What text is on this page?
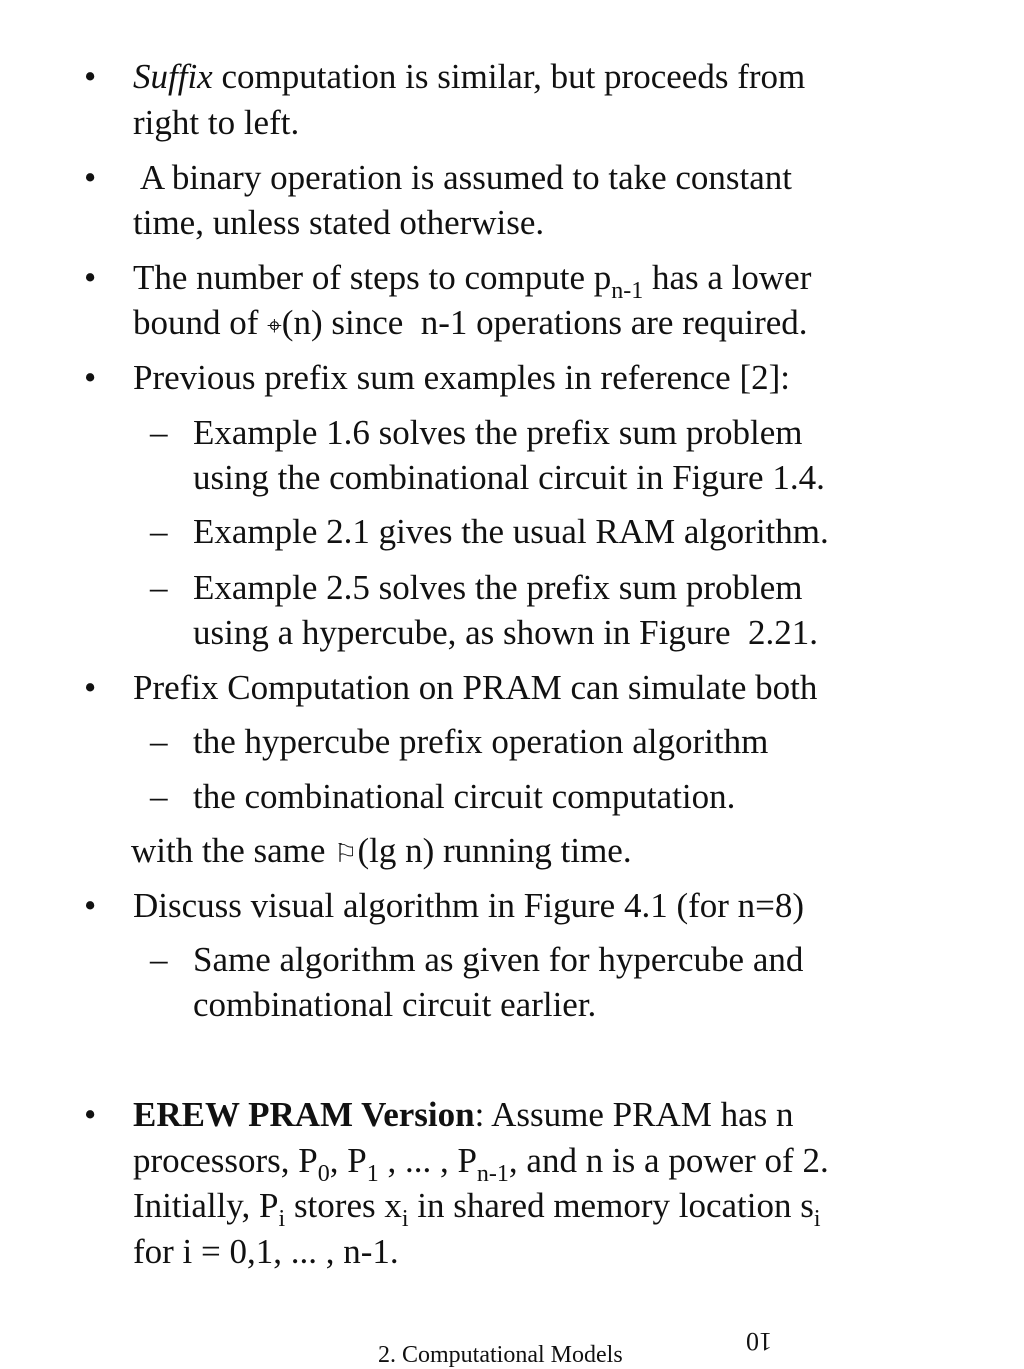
• Suffix computation is similar, but proceeds from
right to left.
• A binary operation is assumed to take constant
time, unless stated otherwise.
• The number of steps to compute $p_{n-1}$ has a lower
bound of ⌖(n) since  n-1 operations are required.
• Previous prefix sum examples in reference [2]:
– Example 1.6 solves the prefix sum problem
using the combinational circuit in Figure 1.4.
– Example 2.1 gives the usual RAM algorithm.
– Example 2.5 solves the prefix sum problem
using a hypercube, as shown in Figure  2.21.
• Prefix Computation on PRAM can simulate both
– the hypercube prefix operation algorithm
– the combinational circuit computation.
with the same ⚐(lg n) running time.
• Discuss visual algorithm in Figure 4.1 (for n=8)
– Same algorithm as given for hypercube and
combinational circuit earlier.
• EREW PRAM Version: Assume PRAM has n
processors, $P_0$, $P_1$ , ... , $P_{n-1}$, and n is a power of 2.
Initially, $P_i$ stores $x_i$ in shared memory location $s_i$
for i = 0,1, ... , n-1.
2. Computational Models	10
